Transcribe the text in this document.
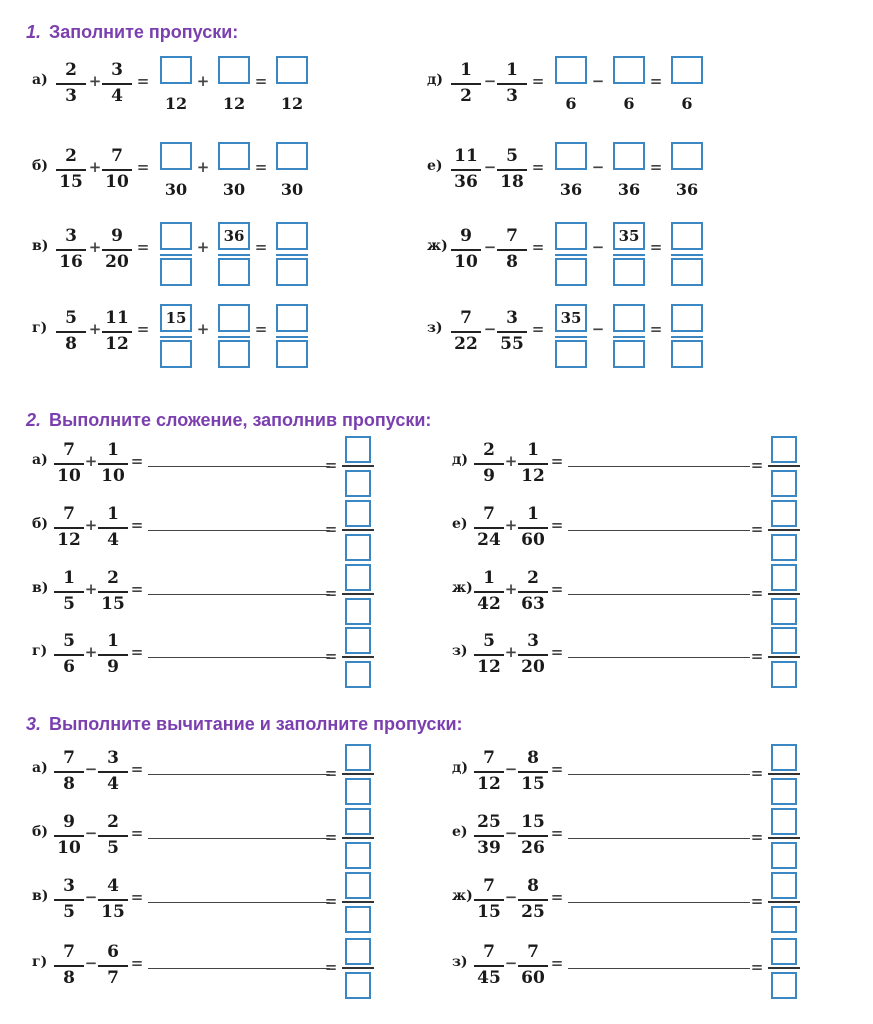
1. Заполните пропуски:
2. Выполните сложение, заполнив пропуски:
3. Выполните вычитание и заполните пропуски:
а)	2
3
+
3
4
=
12
+
12
=
12
б)	2
15
+
7
10
=
30
+
30
=
30
в) 3
16
+
9
20
=	+
36
=
г)	5
8
+
11
12
=
15
+	=
д)	1
2
−
1
3
=
6
−
6
=
6
е) 11
36
−
5
18
=
36
−
36
=
36
ж) 9
10
−
7
8
=	−
35
=
з)	7
22
−
3
55
=
35
−	=
а) 7
10
+
1
10
=	=
б) 7
12
+
1
4
=	=
в) 1
5
+
2
15
=	=
г) 5
6
+
1
9
=	=
д) 2
9
+
1
12
=	=
е) 7
24
+
1
60
=	=
ж) 1
42
+
2
63
=	=
з) 5
12
+
3
20
=	=
а) 7
8
−
3
4
=	=
б) 9
10
−
2
5
=	=
в) 3
5
−
4
15
=	=
г) 7
8
−
6
7
=	=
д) 7
12
−
8
15
=	=
е) 25
39
−
15
26
=	=
ж) 7
15
−
8
25
=	=
з) 7
45
−
7
60
=	=
